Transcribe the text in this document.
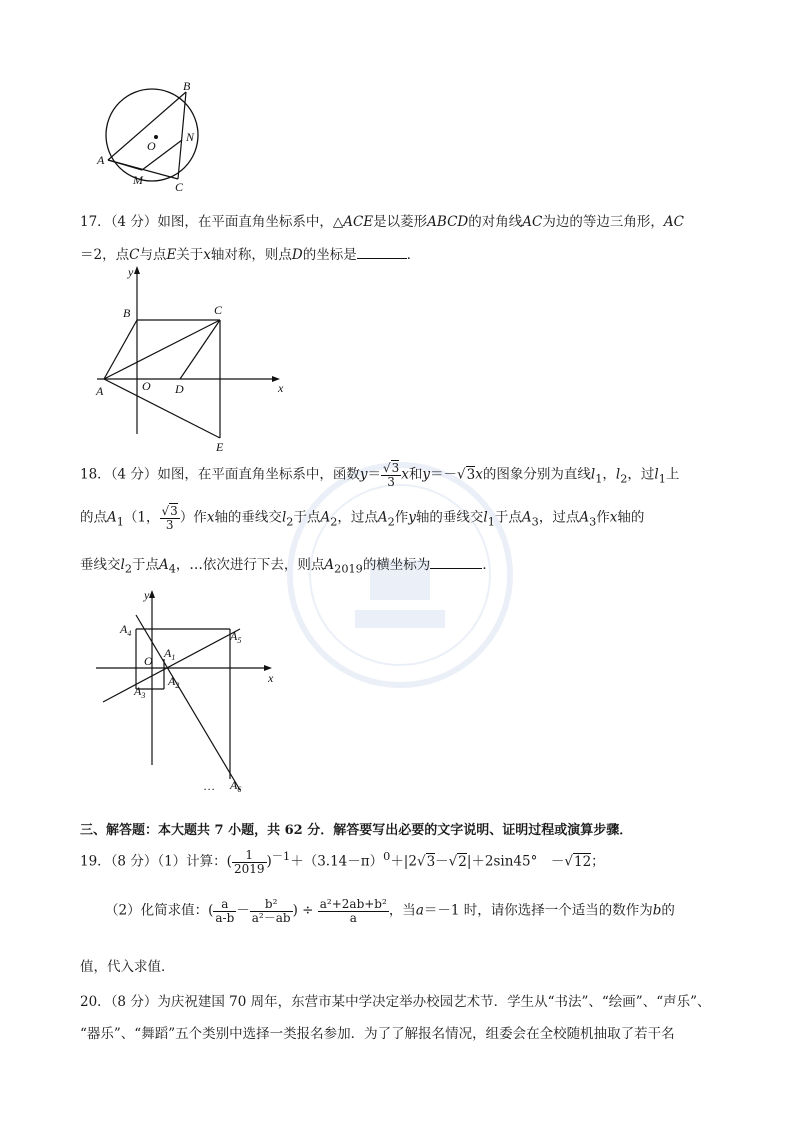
B
N
O
A
M	C
17．（4 分）如图，在平面直角坐标系中，△ACE是以菱形ABCD的对角线AC为边的等边三角形，AC
＝2，点C与点E关于x轴对称，则点D的坐标是	．
y
B	C
A	O D	x
E
18．（4 分）如图，在平面直角坐标系中，函数$y= \frac{√3}{3}$ x和y＝－√3x的图象分别为直线$l_1$，$l_2$，过$l_1$上
的点$A_1(1$， $\frac{√3}{3}$ ）作x轴的垂线交$l_2$于点$A_2$，过点$A_2$作y轴的垂线交$l_1$于点$A_3$，过点$A_3$作x轴的
垂线交$l_2$于点$A_4$，…依次进行下去，则点$A_{2019}$的横坐标为	．
y
$A_4$	$A_5$
O
$A_1$
$A_2$
$A_3$
x
… $A_6$
三、解答题：本大题共 7 小题，共 62 分．解答要写出必要的文字说明、证明过程或演算步骤．
19．（8 分）（1）计算：( $\frac{1}{2019} )^{-1}+(3.14-\pi)^0+|2√3-√2|+2\sin 45^\circ$　－√12；
（2）化简求值：( $\frac{a}{a-b} - \frac{\text{b²}}{\text{a²－ab}}$ ) ÷ $\frac{\text{a²+2ab+b²}}{a}$ ，当a＝－1 时，请你选择一个适当的数作为b的
值，代入求值．
20．（8 分）为庆祝建国 70 周年，东营市某中学决定举办校园艺术节．学生从“书法”、“绘画”、“声乐”、
“器乐”、“舞蹈”五个类别中选择一类报名参加．为了了解报名情况，组委会在全校随机抽取了若干名
